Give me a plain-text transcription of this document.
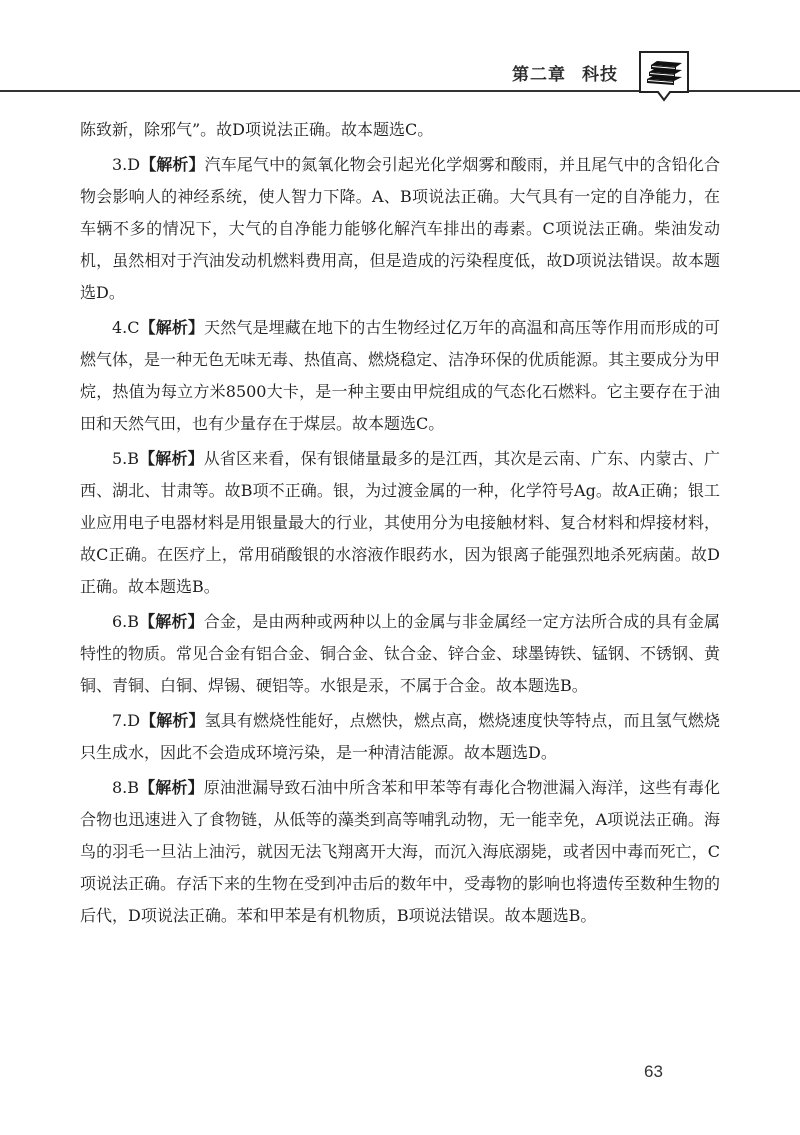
第二章 科技

陈致新，除邪气”。故D项说法正确。故本题选C。

3.D【解析】汽车尾气中的氮氧化物会引起光化学烟雾和酸雨，并且尾气中的含铅化合物会影响人的神经系统，使人智力下降。A、B项说法正确。大气具有一定的自净能力，在车辆不多的情况下，大气的自净能力能够化解汽车排出的毒素。C项说法正确。柴油发动机，虽然相对于汽油发动机燃料费用高，但是造成的污染程度低，故D项说法错误。故本题选D。

4.C【解析】天然气是埋藏在地下的古生物经过亿万年的高温和高压等作用而形成的可燃气体，是一种无色无味无毒、热值高、燃烧稳定、洁净环保的优质能源。其主要成分为甲烷，热值为每立方米8500大卡，是一种主要由甲烷组成的气态化石燃料。它主要存在于油田和天然气田，也有少量存在于煤层。故本题选C。

5.B【解析】从省区来看，保有银储量最多的是江西，其次是云南、广东、内蒙古、广西、湖北、甘肃等。故B项不正确。银，为过渡金属的一种，化学符号Ag。故A正确；银工业应用电子电器材料是用银量最大的行业，其使用分为电接触材料、复合材料和焊接材料，故C正确。在医疗上，常用硝酸银的水溶液作眼药水，因为银离子能强烈地杀死病菌。故D正确。故本题选B。

6.B【解析】合金，是由两种或两种以上的金属与非金属经一定方法所合成的具有金属特性的物质。常见合金有铝合金、铜合金、钛合金、锌合金、球墨铸铁、锰钢、不锈钢、黄铜、青铜、白铜、焊锡、硬铝等。水银是汞，不属于合金。故本题选B。

7.D【解析】氢具有燃烧性能好，点燃快，燃点高，燃烧速度快等特点，而且氢气燃烧只生成水，因此不会造成环境污染，是一种清洁能源。故本题选D。

8.B【解析】原油泄漏导致石油中所含苯和甲苯等有毒化合物泄漏入海洋，这些有毒化合物也迅速进入了食物链，从低等的藻类到高等哺乳动物，无一能幸免，A项说法正确。海鸟的羽毛一旦沾上油污，就因无法飞翔离开大海，而沉入海底溺毙，或者因中毒而死亡，C项说法正确。存活下来的生物在受到冲击后的数年中，受毒物的影响也将遗传至数种生物的后代，D项说法正确。苯和甲苯是有机物质，B项说法错误。故本题选B。

63
